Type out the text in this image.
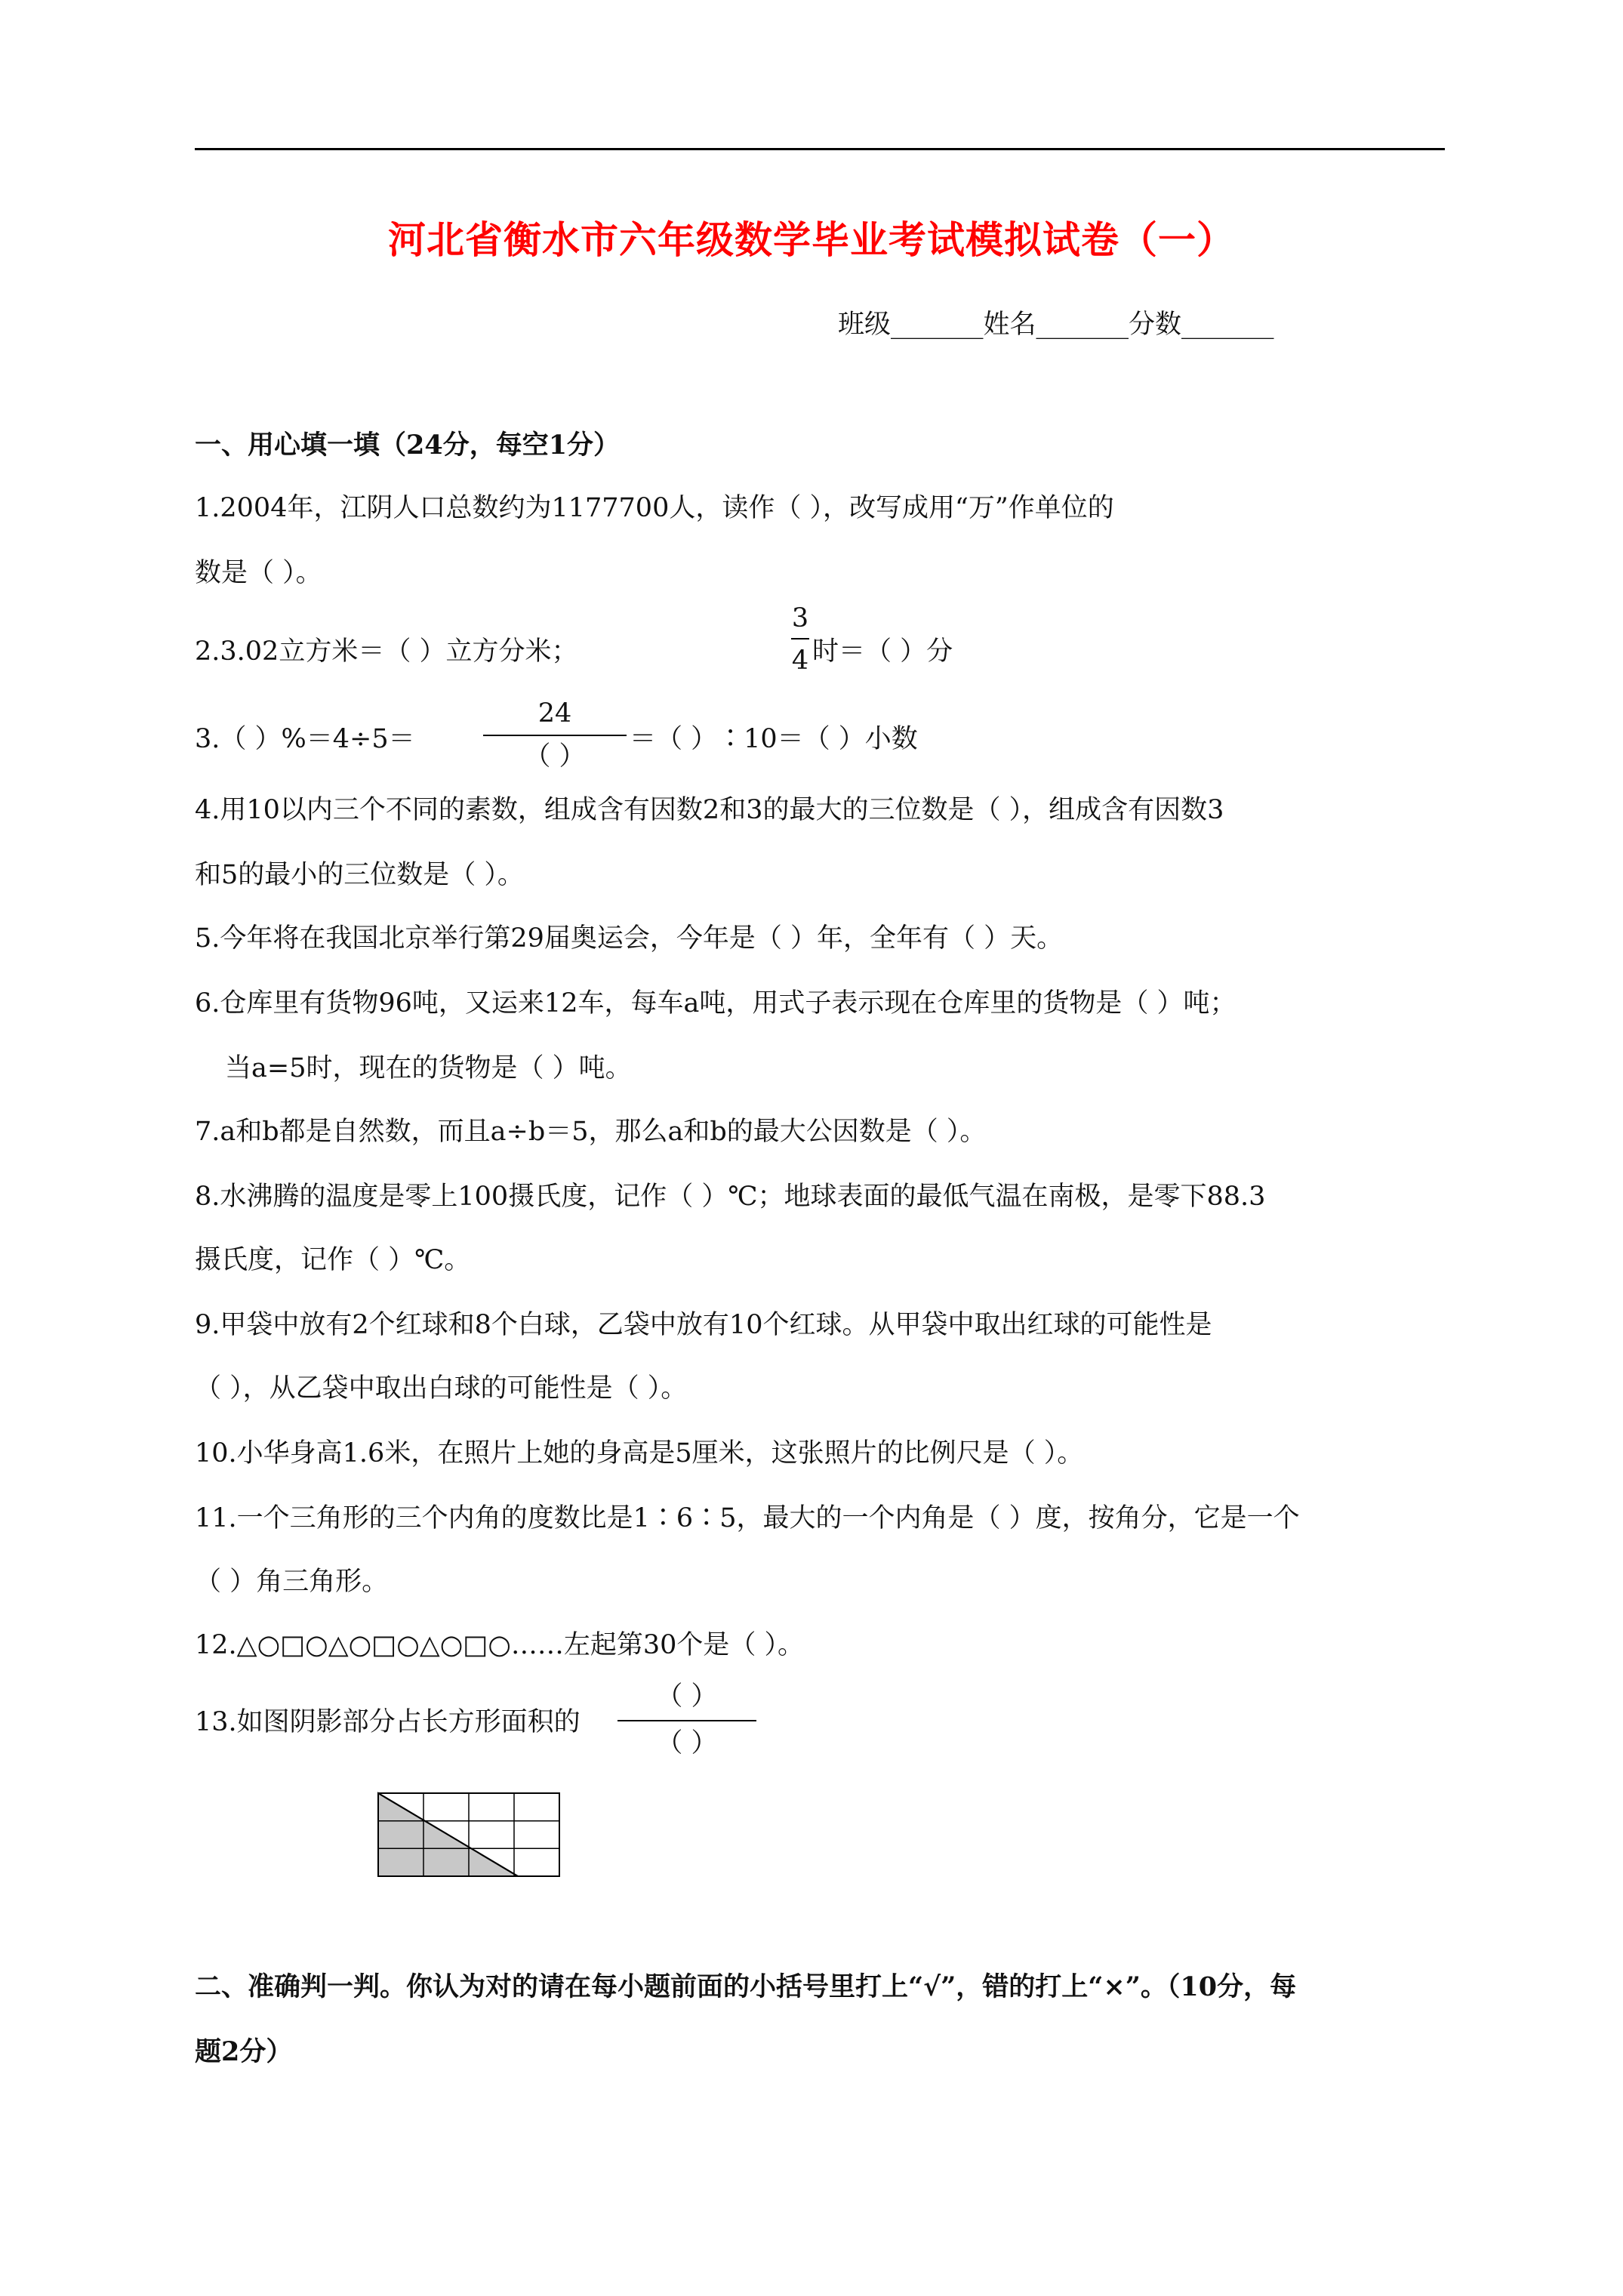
河北省衡水市六年级数学毕业考试模拟试卷（一）
班级_______姓名_______分数_______
一、用心填一填（24分，每空1分）
1.2004年，江阴人口总数约为1177700人，读作（ ），改写成用“万”作单位的
数是（ ）。
2.3.02立方米＝（ ）立方分米；
3
4 时＝（ ）分
3.（ ）%＝4÷5＝
24
（ ）
＝（ ）∶10＝（ ）小数
4.用10以内三个不同的素数，组成含有因数2和3的最大的三位数是（ ），组成含有因数3
和5的最小的三位数是（ ）。
5.今年将在我国北京举行第29届奥运会，今年是（ ）年，全年有（ ）天。
6.仓库里有货物96吨，又运来12车，每车a吨，用式子表示现在仓库里的货物是（ ）吨；
当a=5时，现在的货物是（ ）吨。
7.a和b都是自然数，而且a÷b＝5，那么a和b的最大公因数是（ ）。
8.水沸腾的温度是零上100摄氏度，记作（ ）℃；地球表面的最低气温在南极，是零下88.3
摄氏度，记作（ ）℃。
9.甲袋中放有2个红球和8个白球，乙袋中放有10个红球。从甲袋中取出红球的可能性是
（ ），从乙袋中取出白球的可能性是（ ）。
10.小华身高1.6米，在照片上她的身高是5厘米，这张照片的比例尺是（ ）。
11.一个三角形的三个内角的度数比是1∶6∶5，最大的一个内角是（ ）度，按角分，它是一个
（ ）角三角形。
12.△○□○△○□○△○□○……左起第30个是（ ）。
13.如图阴影部分占长方形面积的
（ ）
（ ）
二、准确判一判。你认为对的请在每小题前面的小括号里打上“√”，错的打上“×”。（10分，每
题2分）
